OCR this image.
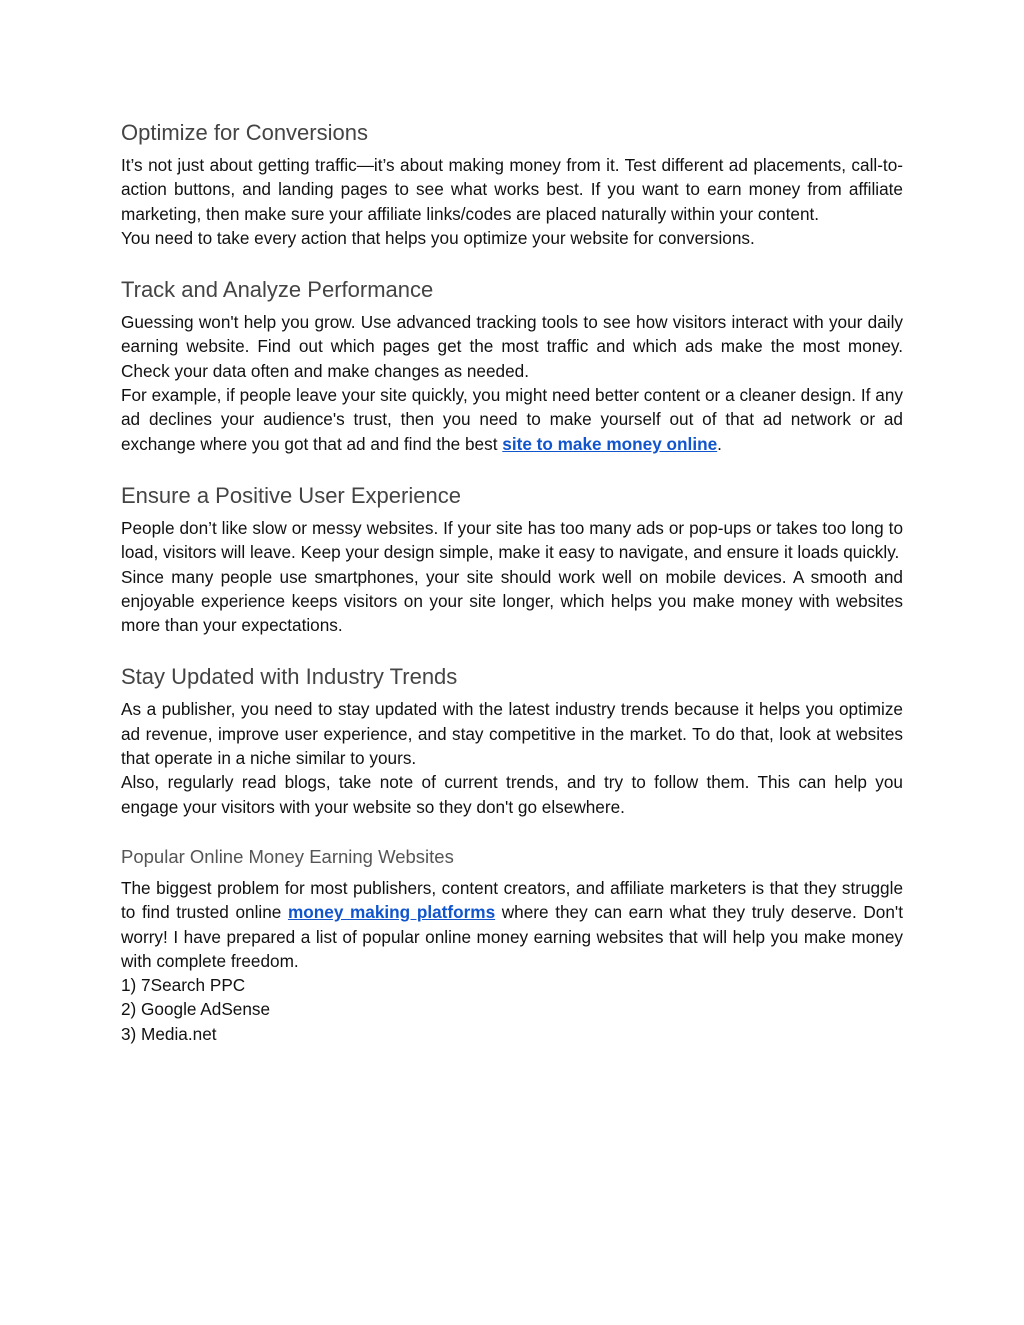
Optimize for Conversions

It’s not just about getting traffic—it’s about making money from it. Test different ad placements, call-to-action buttons, and landing pages to see what works best. If you want to earn money from affiliate marketing, then make sure your affiliate links/codes are placed naturally within your content.

You need to take every action that helps you optimize your website for conversions.

Track and Analyze Performance

Guessing won't help you grow. Use advanced tracking tools to see how visitors interact with your daily earning website. Find out which pages get the most traffic and which ads make the most money. Check your data often and make changes as needed.

For example, if people leave your site quickly, you might need better content or a cleaner design. If any ad declines your audience's trust, then you need to make yourself out of that ad network or ad exchange where you got that ad and find the best site to make money online.

Ensure a Positive User Experience

People don’t like slow or messy websites. If your site has too many ads or pop-ups or takes too long to load, visitors will leave. Keep your design simple, make it easy to navigate, and ensure it loads quickly.

Since many people use smartphones, your site should work well on mobile devices. A smooth and enjoyable experience keeps visitors on your site longer, which helps you make money with websites more than your expectations.

Stay Updated with Industry Trends

As a publisher, you need to stay updated with the latest industry trends because it helps you optimize ad revenue, improve user experience, and stay competitive in the market. To do that, look at websites that operate in a niche similar to yours.

Also, regularly read blogs, take note of current trends, and try to follow them. This can help you engage your visitors with your website so they don't go elsewhere.

Popular Online Money Earning Websites

The biggest problem for most publishers, content creators, and affiliate marketers is that they struggle to find trusted online money making platforms where they can earn what they truly deserve. Don't worry! I have prepared a list of popular online money earning websites that will help you make money with complete freedom.

1) 7Search PPC
2) Google AdSense
3) Media.net
